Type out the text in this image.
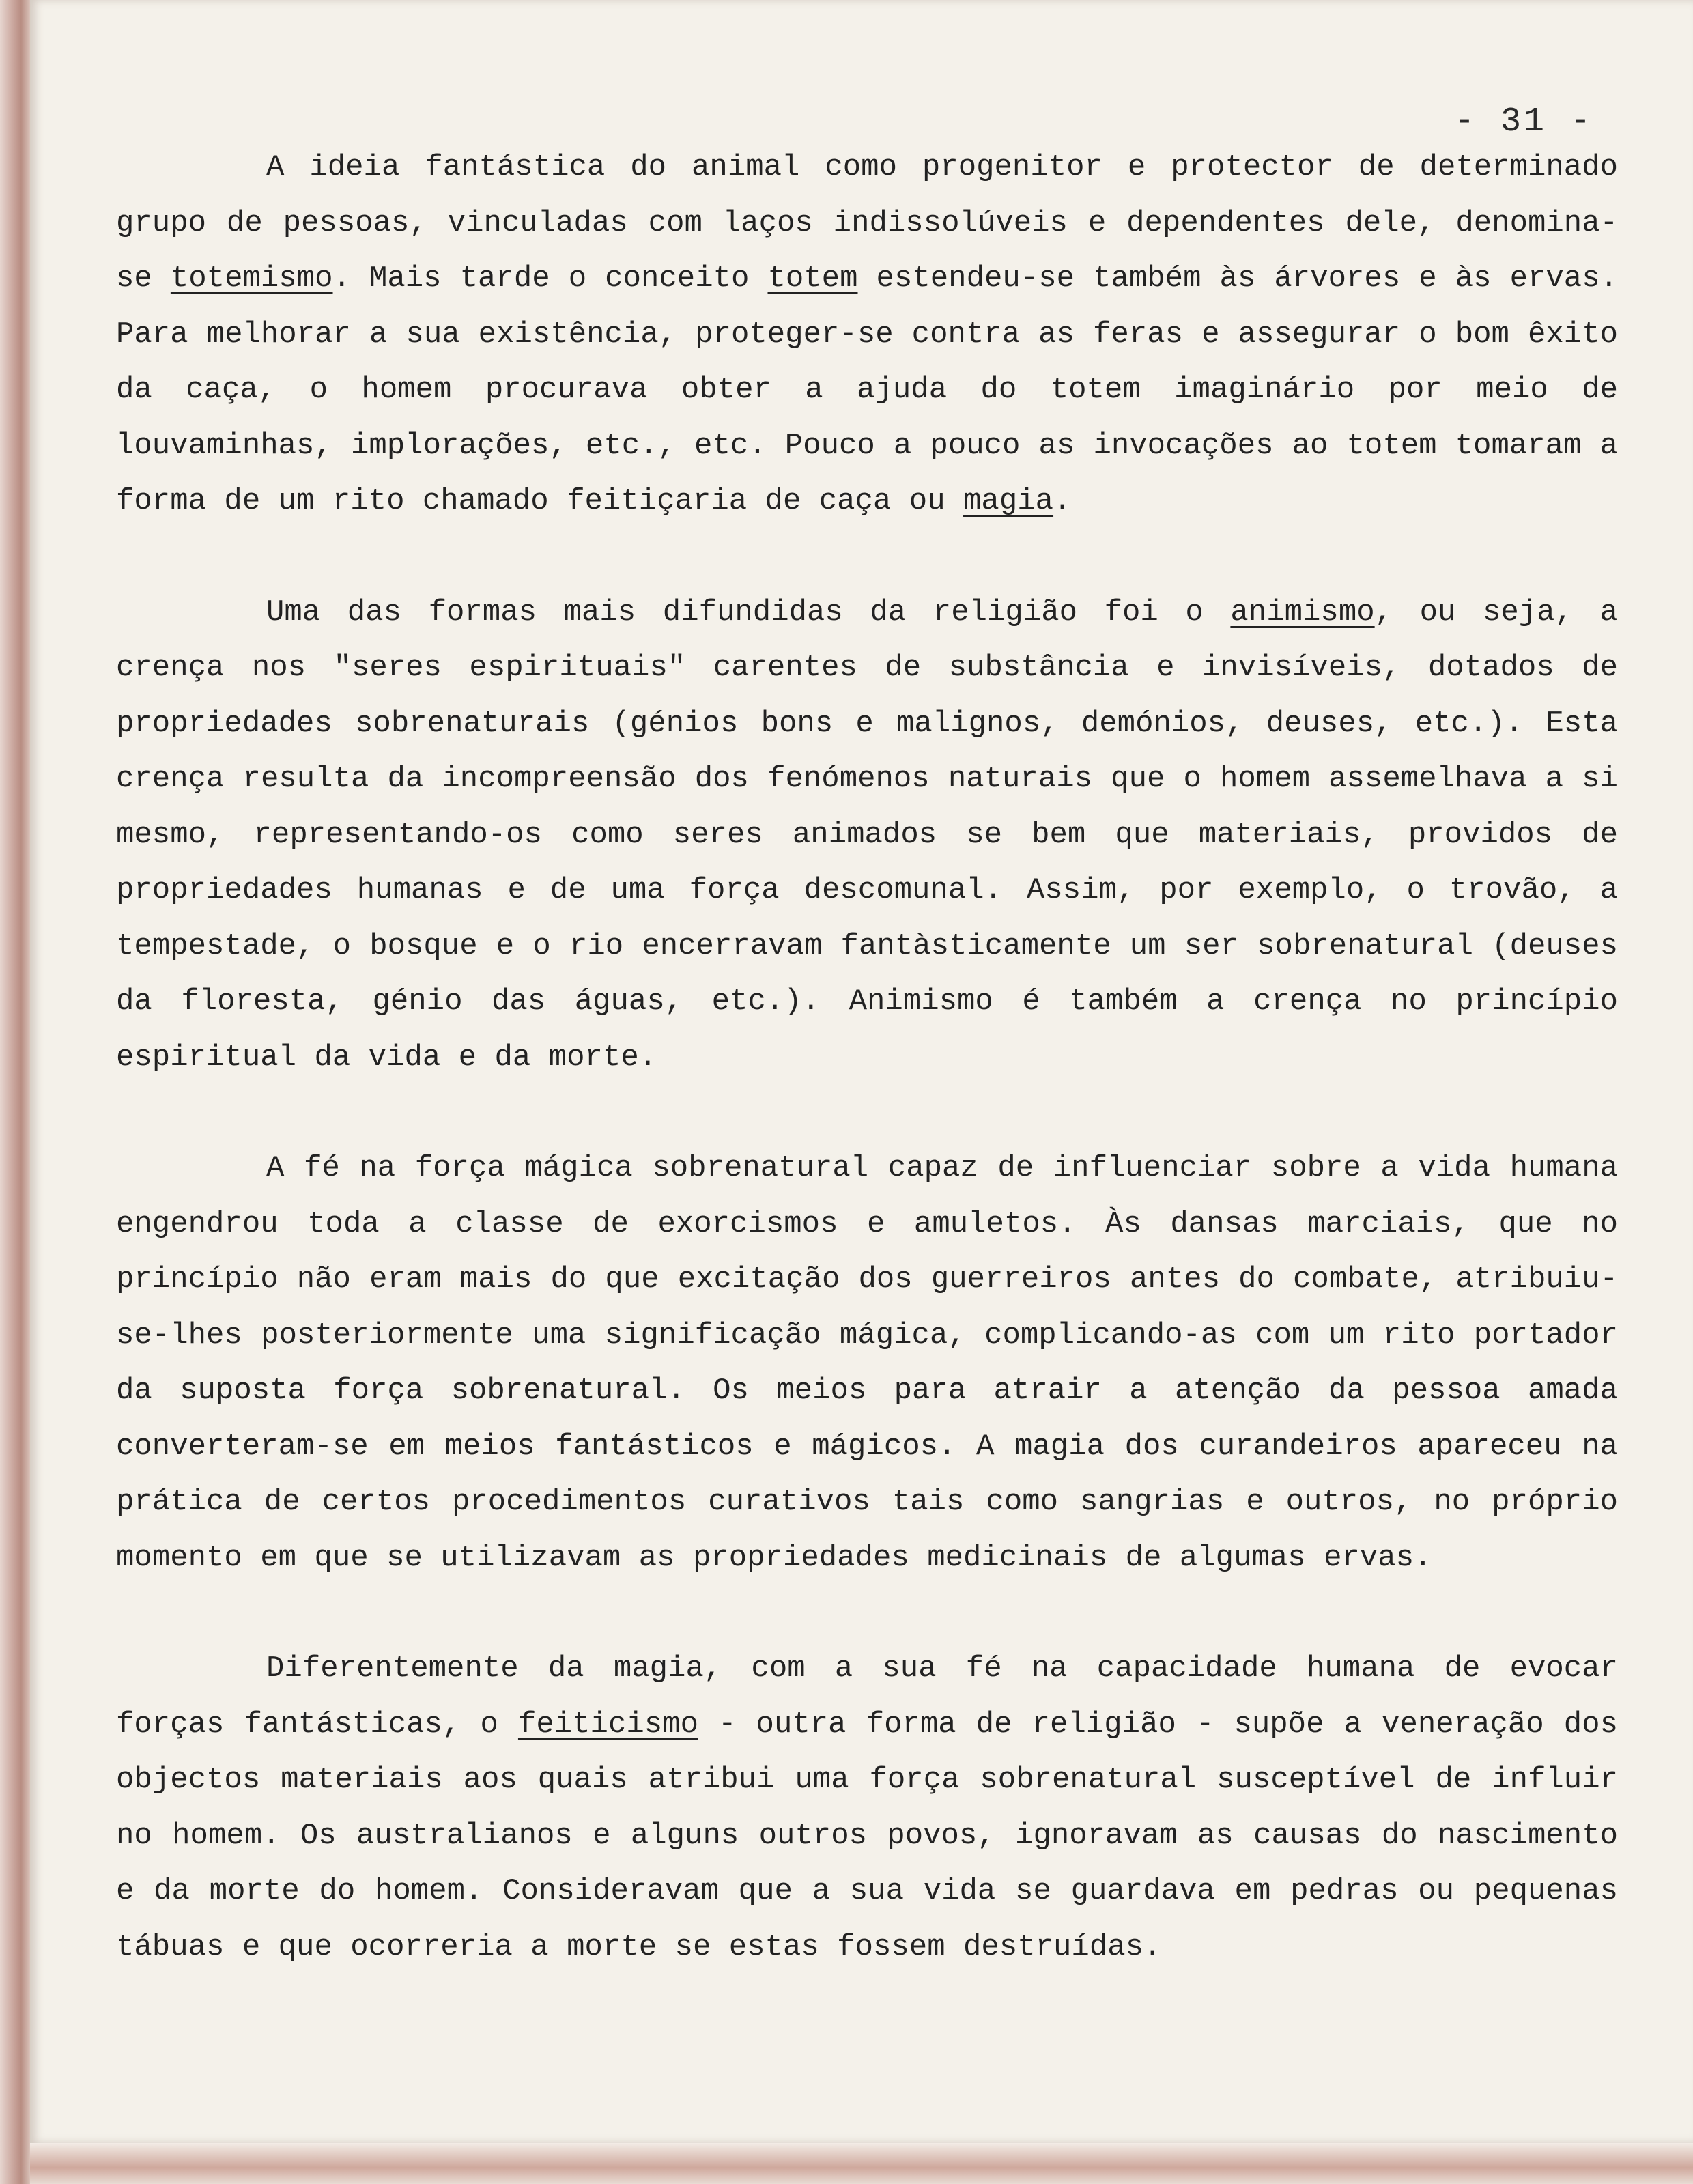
- 31 -

A ideia fantástica do animal como progenitor e protector de determinado grupo de pessoas, vinculadas com laços indissolúveis e dependentes dele, denomina-se totemismo. Mais tarde o conceito totem estendeu-se também às árvores e às ervas. Para melhorar a sua existência, proteger-se contra as feras e assegurar o bom êxito da caça, o homem procurava obter a ajuda do totem imaginário por meio de louvaminhas, implorações, etc., etc. Pouco a pouco as invocações ao totem tomaram a forma de um rito chamado feitiçaria de caça ou magia.

Uma das formas mais difundidas da religião foi o animismo, ou seja, a crença nos "seres espirituais" carentes de substância e invisíveis, dotados de propriedades sobrenaturais (génios bons e malignos, demónios, deuses, etc.). Esta crença resulta da incompreensão dos fenómenos naturais que o homem assemelhava a si mesmo, representando-os como seres animados se bem que materiais, providos de propriedades humanas e de uma força descomunal. Assim, por exemplo, o trovão, a tempestade, o bosque e o rio encerravam fantàsticamente um ser sobrenatural (deuses da floresta, génio das águas, etc.). Animismo é também a crença no princípio espiritual da vida e da morte.

A fé na força mágica sobrenatural capaz de influenciar sobre a vida humana engendrou toda a classe de exorcismos e amuletos. Às dansas marciais, que no princípio não eram mais do que excitação dos guerreiros antes do combate, atribuiu-se-lhes posteriormente uma significação mágica, complicando-as com um rito portador da suposta força sobrenatural. Os meios para atrair a atenção da pessoa amada converteram-se em meios fantásticos e mágicos. A magia dos curandeiros apareceu na prática de certos procedimentos curativos tais como sangrias e outros, no próprio momento em que se utilizavam as propriedades medicinais de algumas ervas.

Diferentemente da magia, com a sua fé na capacidade humana de evocar forças fantásticas, o feiticismo - outra forma de religião - supõe a veneração dos objectos materiais aos quais atribui uma força sobrenatural susceptível de influir no homem. Os australianos e alguns outros povos, ignoravam as causas do nascimento e da morte do homem. Consideravam que a sua vida se guardava em pedras ou pequenas tábuas e que ocorreria a morte se estas fossem destruídas.
